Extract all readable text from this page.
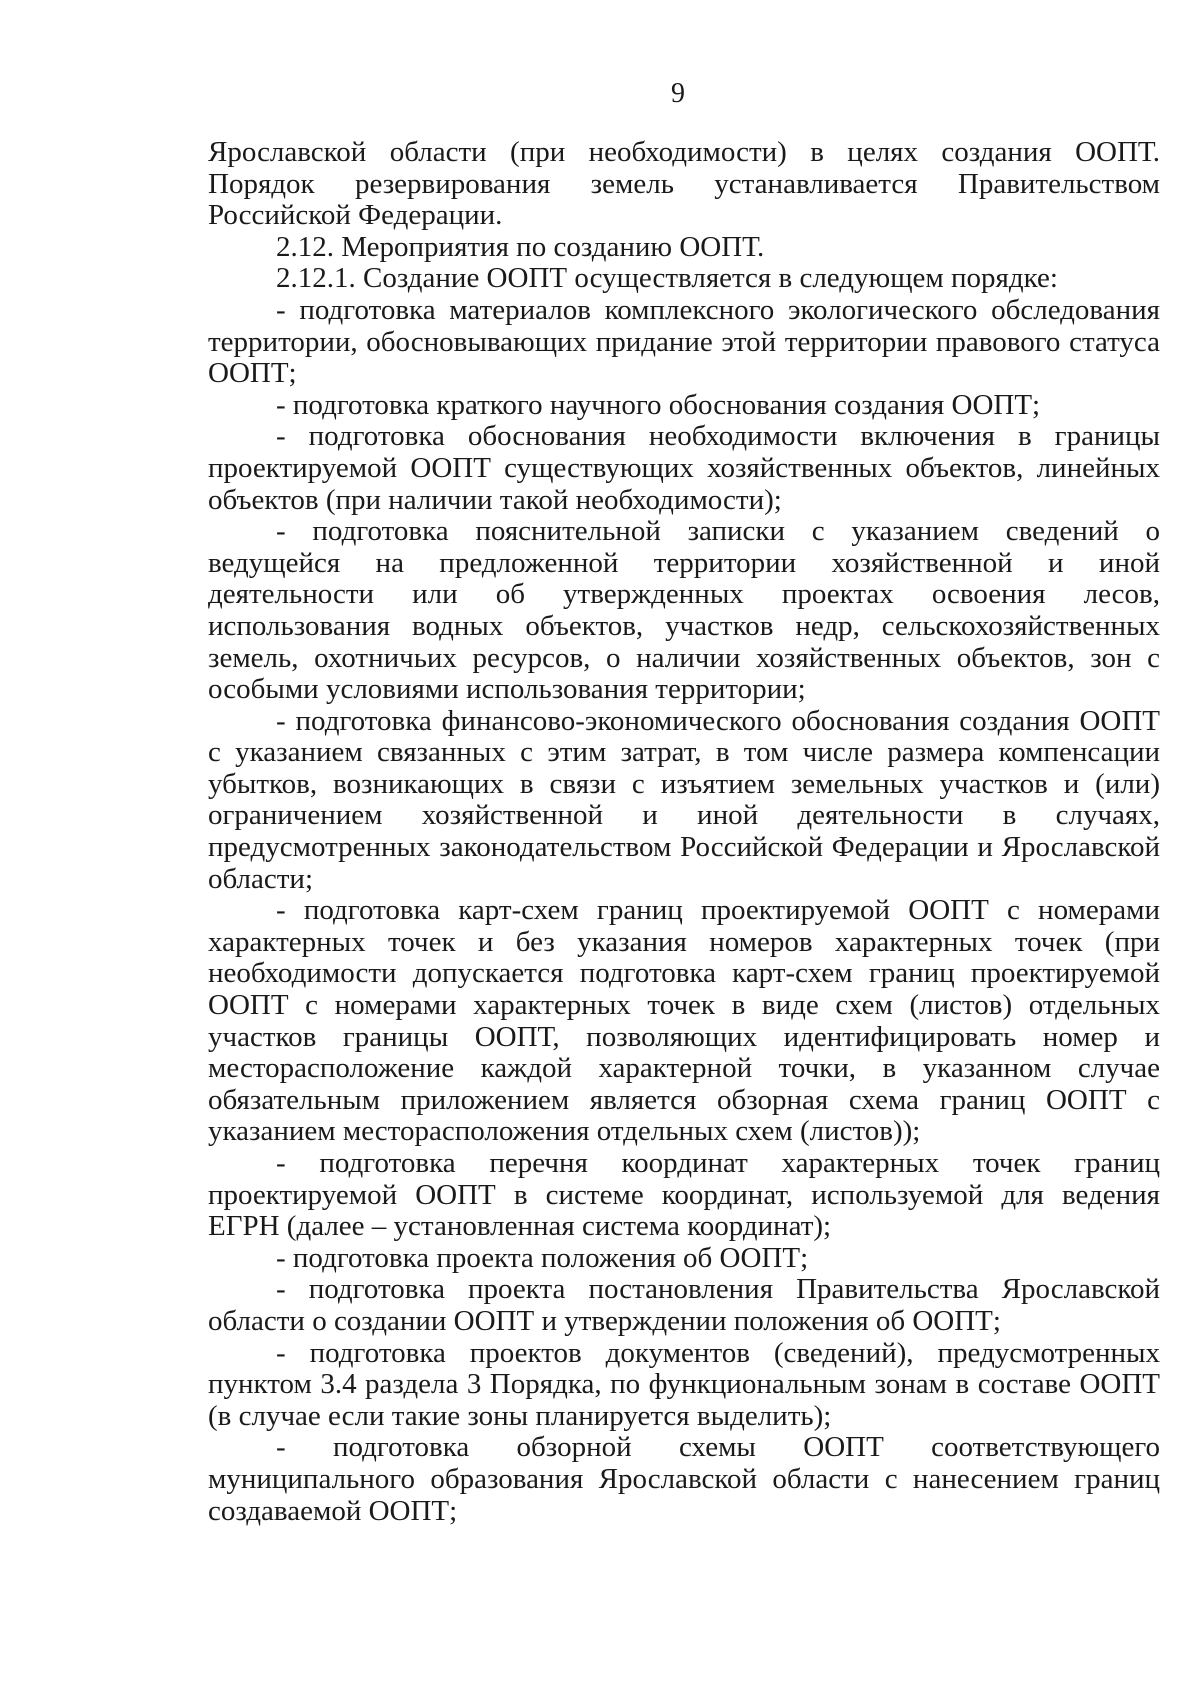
9

Ярославской области (при необходимости) в целях создания ООПТ. Порядок резервирования земель устанавливается Правительством Российской Федерации.

2.12. Мероприятия по созданию ООПТ.

2.12.1. Создание ООПТ осуществляется в следующем порядке:

- подготовка материалов комплексного экологического обследования территории, обосновывающих придание этой территории правового статуса ООПТ;

- подготовка краткого научного обоснования создания ООПТ;

- подготовка обоснования необходимости включения в границы проектируемой ООПТ существующих хозяйственных объектов, линейных объектов (при наличии такой необходимости);

- подготовка пояснительной записки с указанием сведений о ведущейся на предложенной территории хозяйственной и иной деятельности или об утвержденных проектах освоения лесов, использования водных объектов, участков недр, сельскохозяйственных земель, охотничьих ресурсов, о наличии хозяйственных объектов, зон с особыми условиями использования территории;

- подготовка финансово-экономического обоснования создания ООПТ с указанием связанных с этим затрат, в том числе размера компенсации убытков, возникающих в связи с изъятием земельных участков и (или) ограничением хозяйственной и иной деятельности в случаях, предусмотренных законодательством Российской Федерации и Ярославской области;

- подготовка карт-схем границ проектируемой ООПТ с номерами характерных точек и без указания номеров характерных точек (при необходимости допускается подготовка карт-схем границ проектируемой ООПТ с номерами характерных точек в виде схем (листов) отдельных участков границы ООПТ, позволяющих идентифицировать номер и месторасположение каждой характерной точки, в указанном случае обязательным приложением является обзорная схема границ ООПТ с указанием месторасположения отдельных схем (листов));

- подготовка перечня координат характерных точек границ проектируемой ООПТ в системе координат, используемой для ведения ЕГРН (далее – установленная система координат);

- подготовка проекта положения об ООПТ;

- подготовка проекта постановления Правительства Ярославской области о создании ООПТ и утверждении положения об ООПТ;

- подготовка проектов документов (сведений), предусмотренных пунктом 3.4 раздела 3 Порядка, по функциональным зонам в составе ООПТ (в случае если такие зоны планируется выделить);

- подготовка обзорной схемы ООПТ соответствующего муниципального образования Ярославской области с нанесением границ создаваемой ООПТ;
